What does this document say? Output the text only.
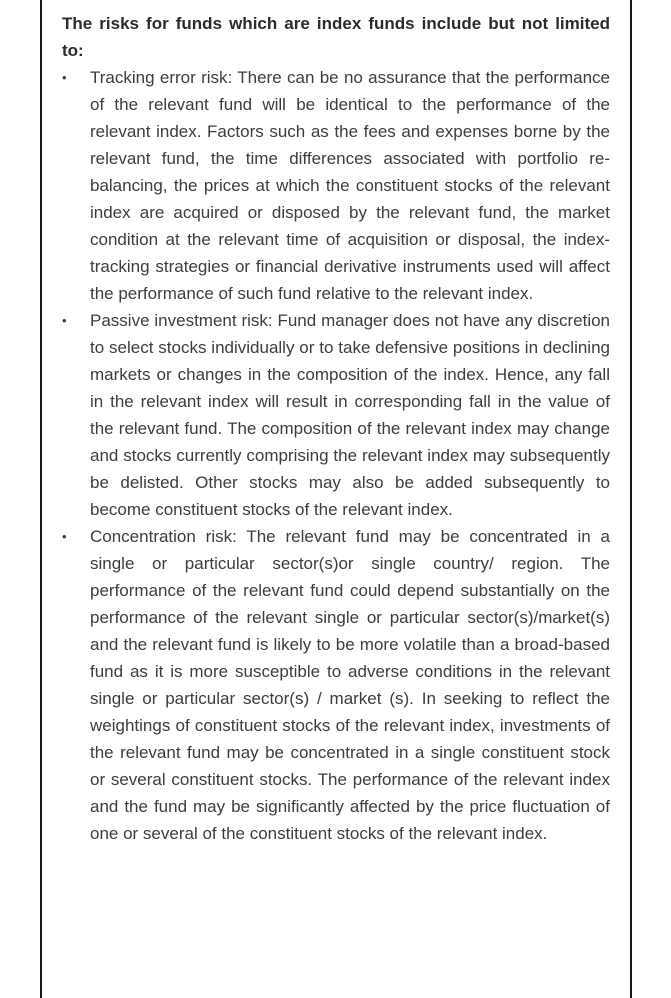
The risks for funds which are index funds include but not limited to:

•	Tracking error risk: There can be no assurance that the performance of the relevant fund will be identical to the performance of the relevant index. Factors such as the fees and expenses borne by the relevant fund, the time differences associated with portfolio re-balancing, the prices at which the constituent stocks of the relevant index are acquired or disposed by the relevant fund, the market condition at the relevant time of acquisition or disposal, the index-tracking strategies or financial derivative instruments used will affect the performance of such fund relative to the relevant index.
•	Passive investment risk: Fund manager does not have any discretion to select stocks individually or to take defensive positions in declining markets or changes in the composition of the index. Hence, any fall in the relevant index will result in corresponding fall in the value of the relevant fund. The composition of the relevant index may change and stocks currently comprising the relevant index may subsequently be delisted. Other stocks may also be added subsequently to become constituent stocks of the relevant index.
•	Concentration risk: The relevant fund may be concentrated in a single or particular sector(s)or single country/ region. The performance of the relevant fund could depend substantially on the performance of the relevant single or particular sector(s)/market(s) and the relevant fund is likely to be more volatile than a broad-based fund as it is more susceptible to adverse conditions in the relevant single or particular sector(s) / market (s). In seeking to reflect the weightings of constituent stocks of the relevant index, investments of the relevant fund may be concentrated in a single constituent stock or several constituent stocks. The performance of the relevant index and the fund may be significantly affected by the price fluctuation of one or several of the constituent stocks of the relevant index.
